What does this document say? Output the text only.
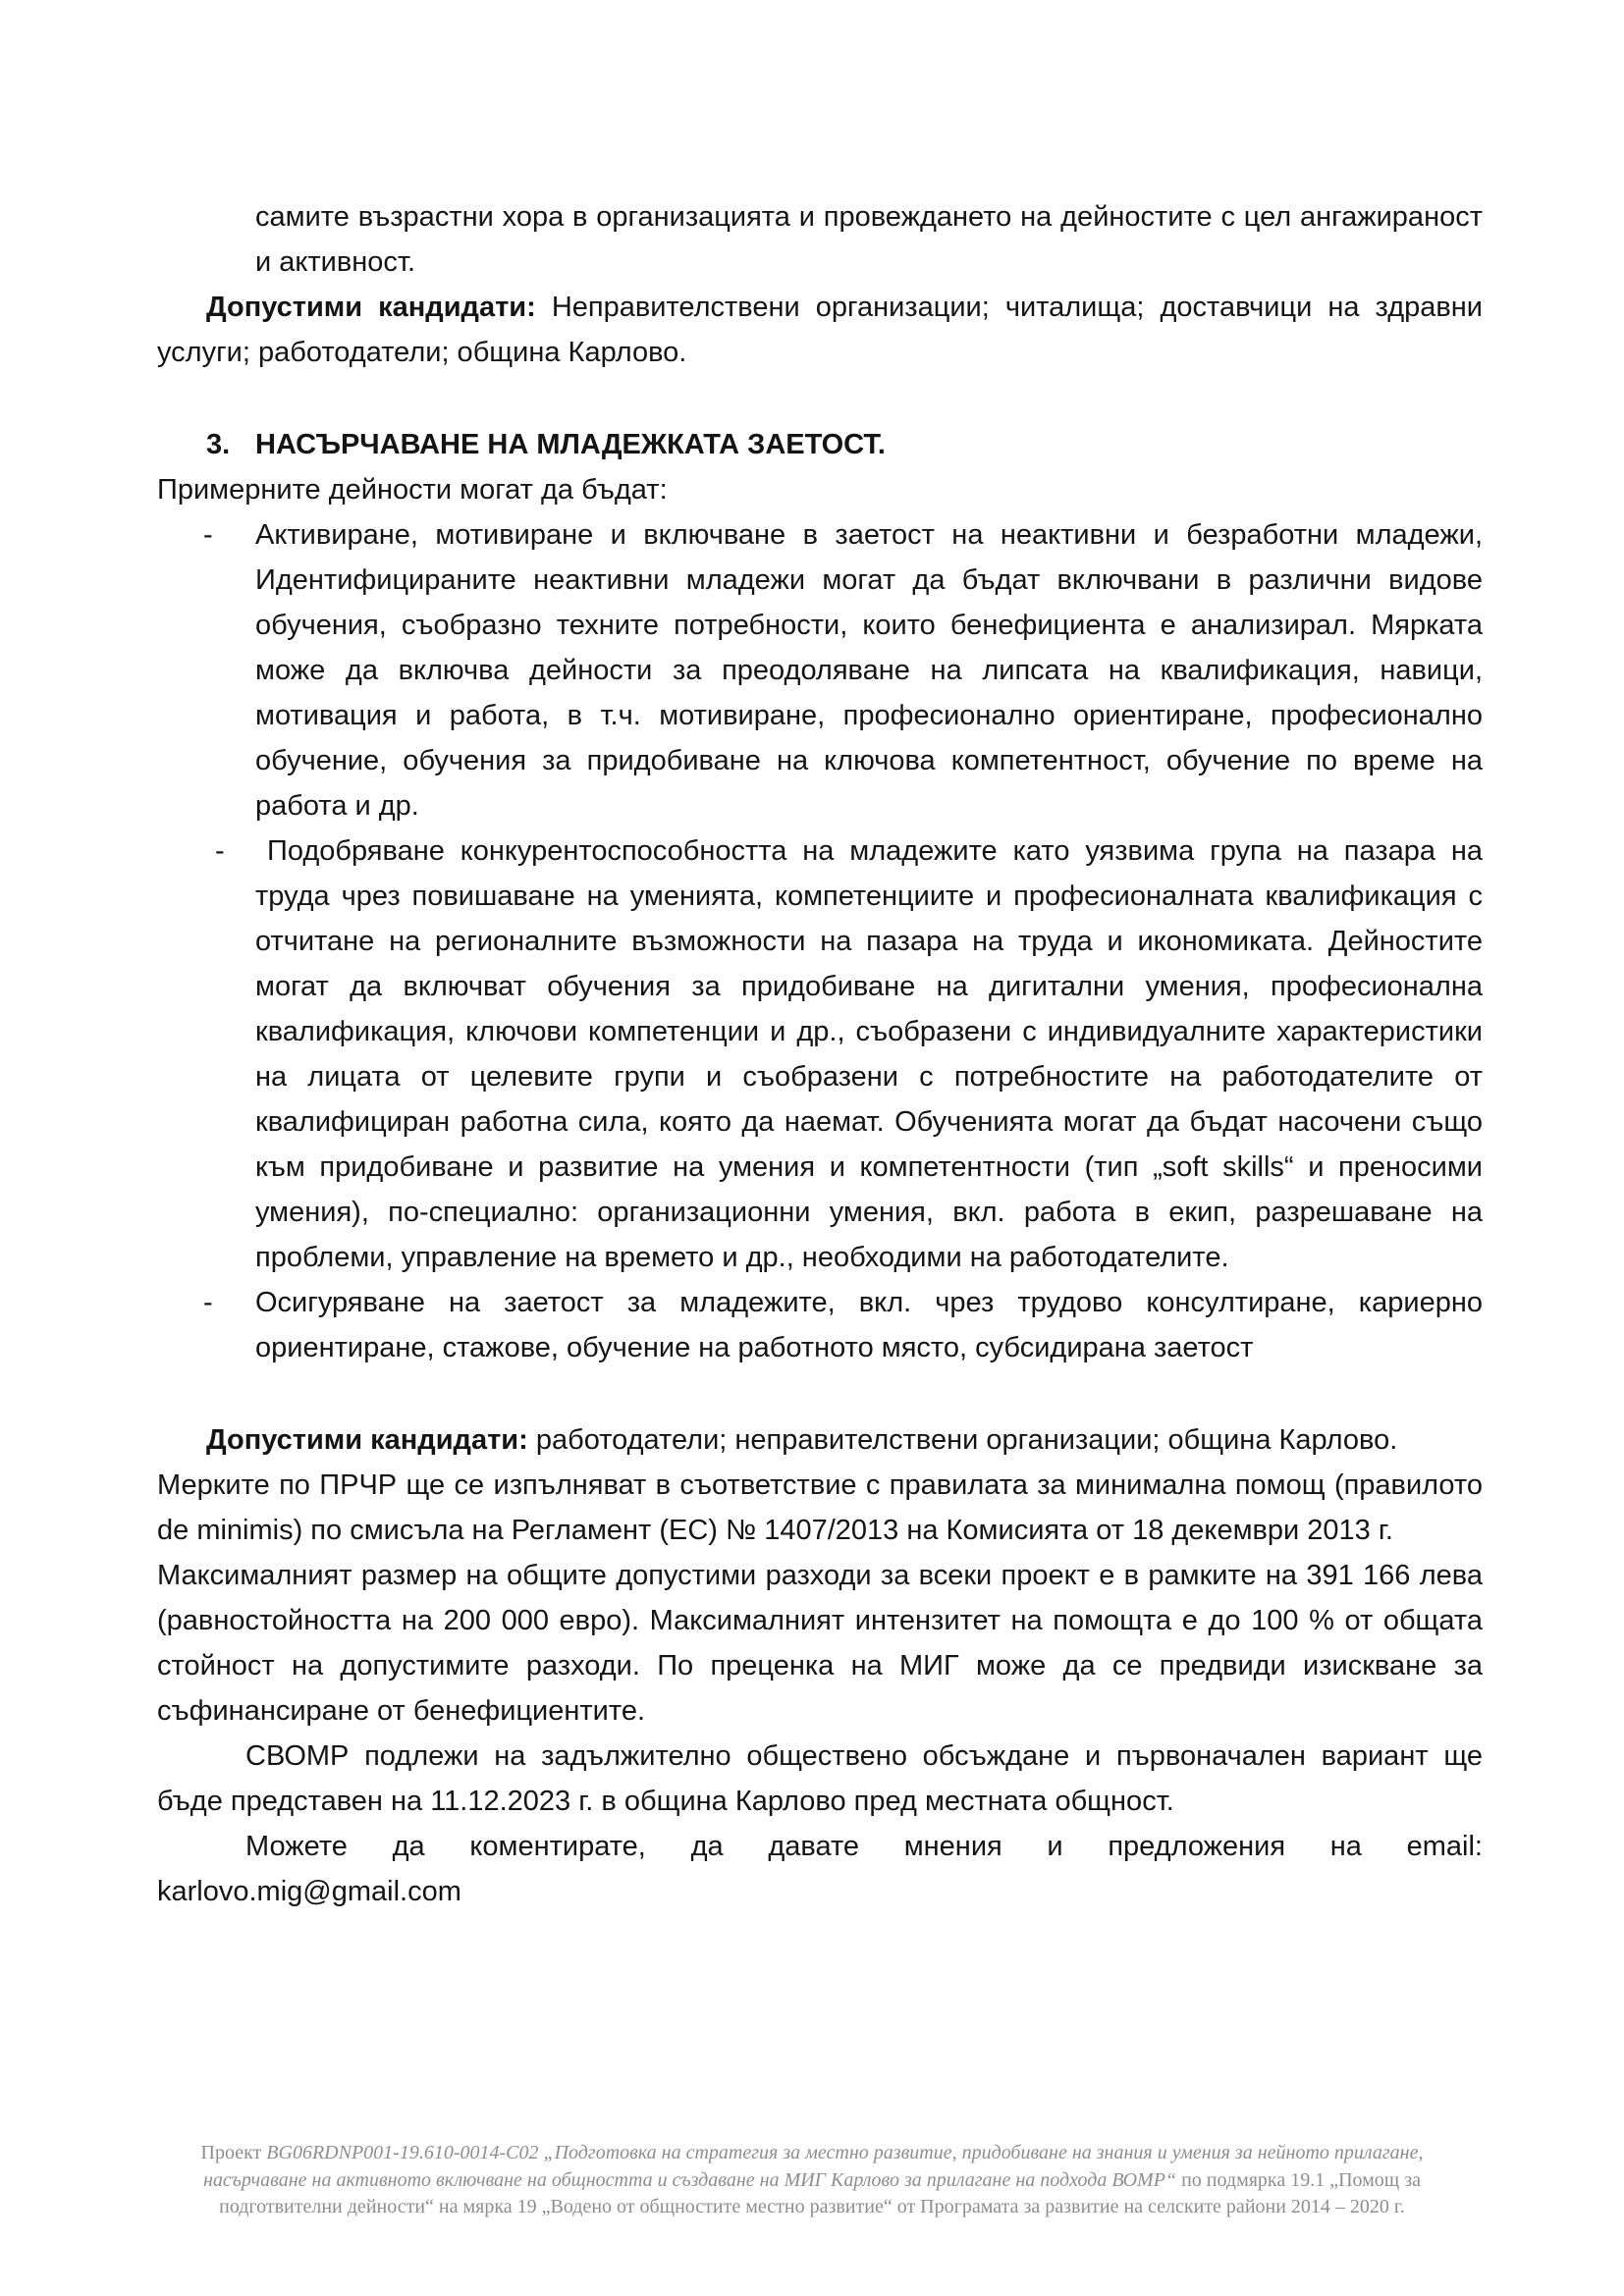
самите възрастни хора в организацията и провеждането на дейностите с цел ангажираност и активност.

Допустими кандидати: Неправителствени организации; читалища; доставчици на здравни услуги; работодатели; община Карлово.

3. НАСЪРЧАВАНЕ НА МЛАДЕЖКАТА ЗАЕТОСТ.

Примерните дейности могат да бъдат:

-	Активиране, мотивиране и включване в заетост на неактивни и безработни младежи, Идентифицираните неактивни младежи могат да бъдат включвани в различни видове обучения, съобразно техните потребности, които бенефициента е анализирал. Мярката може да включва дейности за преодоляване на липсата на квалификация, навици, мотивация и работа, в т.ч. мотивиране, професионално ориентиране, професионално обучение, обучения за придобиване на ключова компетентност, обучение по време на работа и др.
- Подобряване конкурентоспособността на младежите като уязвима група на пазара на труда чрез повишаване на уменията, компетенциите и професионалната квалификация с отчитане на регионалните възможности на пазара на труда и икономиката. Дейностите могат да включват обучения за придобиване на дигитални умения, професионална квалификация, ключови компетенции и др., съобразени с индивидуалните характеристики на лицата от целевите групи и съобразени с потребностите на работодателите от квалифициран работна сила, която да наемат. Обученията могат да бъдат насочени също към придобиване и развитие на умения и компетентности (тип „soft skills“ и преносими умения), по-специално: организационни умения, вкл. работа в екип, разрешаване на проблеми, управление на времето и др., необходими на работодателите.
-	Осигуряване на заетост за младежите, вкл. чрез трудово консултиране, кариерно ориентиране, стажове, обучение на работното място, субсидирана заетост

Допустими кандидати: работодатели; неправителствени организации; община Карлово.

Мерките по ПРЧР ще се изпълняват в съответствие с правилата за минимална помощ (правилото de minimis) по смисъла на Регламент (ЕС) № 1407/2013 на Комисията от 18 декември 2013 г.

Максималният размер на общите допустими разходи за всеки проект е в рамките на 391 166 лева (равностойността на 200 000 евро). Максималният интензитет на помощта е до 100 % от общата стойност на допустимите разходи. По преценка на МИГ може да се предвиди изискване за съфинансиране от бенефициентите.

СВОМР подлежи на задължително обществено обсъждане и първоначален вариант ще бъде представен на 11.12.2023 г. в община Карлово пред местната общност.

Можете да коментирате, да давате мнения и предложения на email:
karlovo.mig@gmail.com
Проект BG06RDNP001-19.610-0014-C02 „Подготовка на стратегия за местно развитие, придобиване на знания и умения за нейното прилагане, насърчаване на активното включване на общността и създаване на МИГ Карлово за прилагане на подхода ВОМР“ по подмярка 19.1 „Помощ за подготвителни дейности“ на мярка 19 „Водено от общностите местно развитие“ от Програмата за развитие на селските райони 2014 – 2020 г.
